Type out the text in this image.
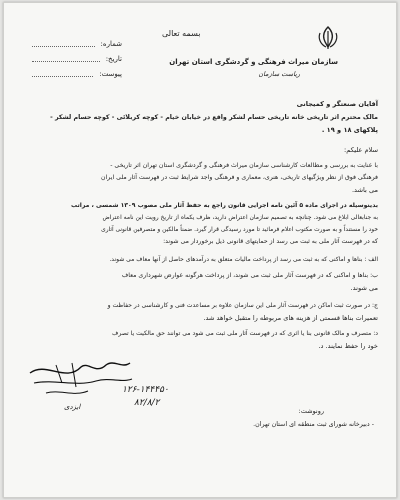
بسمه تعالی
سازمان میراث فرهنگی و گردشگری استان تهران
ریاست سازمان
شماره:
تاریخ:
پیوست:
آقایان صنعتگر و کمیجانی
مالک محترم اثر تاریخی خانه تاریخی حسام لشکر واقع در خیابان خیام - کوچه کربلائی - کوچه حسام لشکر -
پلاکهای ۱۸ و ۱۹ .
سلام علیکم:
با عنایت به بررسی و مطالعات کارشناسی سازمان میراث فرهنگی و گردشگری استان تهران اثر تاریخی -
فرهنگی فوق از نظر ویژگیهای تاریخی، هنری، معماری و فرهنگی واجد شرایط ثبت در فهرست آثار ملی ایران
می باشد.
بدینوسیله در اجرای ماده ۵ آئین نامه اجرایی قانون راجع به حفظ آثار ملی مصوب ۱۳۰۹ شمسی ، مراتب
به جنابعالی ابلاغ می شود. چنانچه به تصمیم سازمان اعتراض دارید، ظرف یکماه از تاریخ رویت این نامه اعتراض
خود را مستنداً و به صورت مکتوب اعلام فرمائید تا مورد رسیدگی قرار گیرد. ضمناً مالکین و متصرفین قانونی آثاری
که در فهرست آثار ملی به ثبت می رسد از حمایتهای قانونی ذیل برخوردار می شوند:
الف : بناها و اماکنی که به ثبت می رسد از پرداخت مالیات متعلق به درآمدهای حاصل از آنها معاف می شوند.
ب: بناها و اماکنی که در فهرست آثار ملی ثبت می شوند، از پرداخت هرگونه عوارض شهرداری معاف
می شوند.
ج: در صورت ثبت اماکن در فهرست آثار ملی این سازمان علاوه بر مساعدت فنی و کارشناسی در حفاظت و
تعمیرات بناها قسمتی از هزینه های مربوطه را متقبل خواهد شد.
د: متصرف و مالک قانونی بنا یا اثری که در فهرست آثار ملی ثبت می شود می توانند حق مالکیت یا تصرف
خود را حفظ نمایند. د.
ایزدی
۱۲۶-۱۴۴۴۵۰
۸۲/۸/۲
رونوشت:
- دبیرخانه شورای ثبت منطقه ای استان تهران.
